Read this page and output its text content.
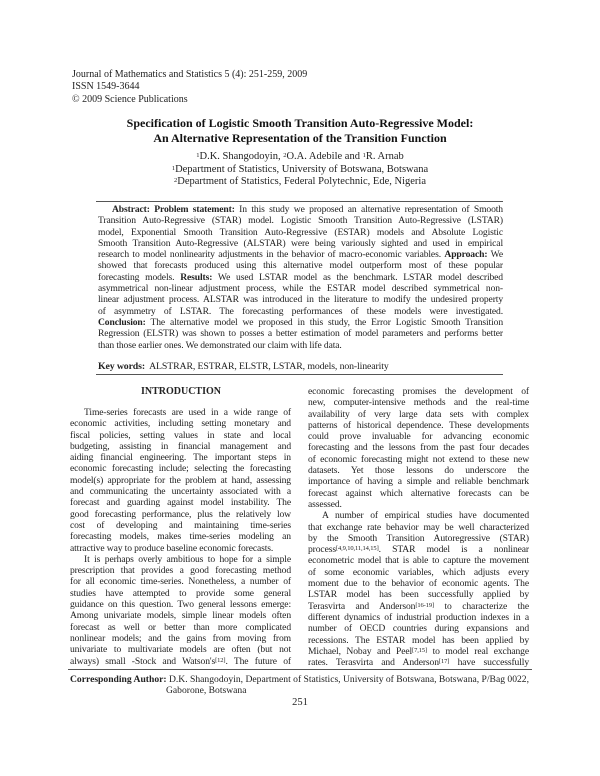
Journal of Mathematics and Statistics 5 (4): 251-259, 2009
ISSN 1549-3644
© 2009 Science Publications
Specification of Logistic Smooth Transition Auto-Regressive Model:
An Alternative Representation of the Transition Function
$^1$D.K. Shangodoyin, $^2$O.A. Adebile and $^1$R. Arnab
$^1$Department of Statistics, University of Botswana, Botswana
$^2$Department of Statistics, Federal Polytechnic, Ede, Nigeria
Abstract: Problem statement: In this study we proposed an alternative representation of Smooth
Transition Auto-Regressive (STAR) model. Logistic Smooth Transition Auto-Regressive (LSTAR)
model, Exponential Smooth Transition Auto-Regressive (ESTAR) models and Absolute Logistic
Smooth Transition Auto-Regressive (ALSTAR) were being variously sighted and used in empirical
research to model nonlinearity adjustments in the behavior of macro-economic variables. Approach: We
showed that forecasts produced using this alternative model outperform most of these popular
forecasting models. Results: We used LSTAR model as the benchmark. LSTAR model described
asymmetrical non-linear adjustment process, while the ESTAR model described symmetrical non-
linear adjustment process. ALSTAR was introduced in the literature to modify the undesired property
of asymmetry of LSTAR. The forecasting performances of these models were investigated.
Conclusion: The alternative model we proposed in this study, the Error Logistic Smooth Transition
Regression (ELSTR) was shown to posses a better estimation of model parameters and performs better
than those earlier ones. We demonstrated our claim with life data.
Key words:  ALSTRAR, ESTRAR, ELSTR, LSTAR, models, non-linearity
INTRODUCTION
Time-series forecasts are used in a wide range of
economic activities, including setting monetary and
fiscal policies, setting values in state and local
budgeting, assisting in financial management and
aiding financial engineering. The important steps in
economic forecasting include; selecting the forecasting
model(s) appropriate for the problem at hand, assessing
and communicating the uncertainty associated with a
forecast and guarding against model instability. The
good forecasting performance, plus the relatively low
cost of developing and maintaining time-series
forecasting models, makes time-series modeling an
attractive way to produce baseline economic forecasts.
It is perhaps overly ambitious to hope for a simple
prescription that provides a good forecasting method
for all economic time-series. Nonetheless, a number of
studies have attempted to provide some general
guidance on this question. Two general lessons emerge:
Among univariate models, simple linear models often
forecast as well or better than more complicated
nonlinear models; and the gains from moving from
univariate to multivariate models are often (but not
always) small -Stock and Watson's[12]. The future of
economic forecasting promises the development of
new, computer-intensive methods and the real-time
availability of very large data sets with complex
patterns of historical dependence. These developments
could prove invaluable for advancing economic
forecasting and the lessons from the past four decades
of economic forecasting might not extend to these new
datasets. Yet those lessons do underscore the
importance of having a simple and reliable benchmark
forecast against which alternative forecasts can be
assessed.
A number of empirical studies have documented
that exchange rate behavior may be well characterized
by the Smooth Transition Autoregressive (STAR)
process[4,9,10,11,14,15]. STAR model is a nonlinear
econometric model that is able to capture the movement
of some economic variables, which adjusts every
moment due to the behavior of economic agents. The
LSTAR model has been successfully applied by
Terasvirta and Anderson[16-19] to characterize the
different dynamics of industrial production indexes in a
number of OECD countries during expansions and
recessions. The ESTAR model has been applied by
Michael, Nobay and Peel[7,15] to model real exchange
rates. Terasvirta and Anderson[17] have successfully
Corresponding Author: D.K. Shangodoyin, Department of Statistics, University of Botswana, Botswana, P/Bag 0022,
Gaborone, Botswana
251
